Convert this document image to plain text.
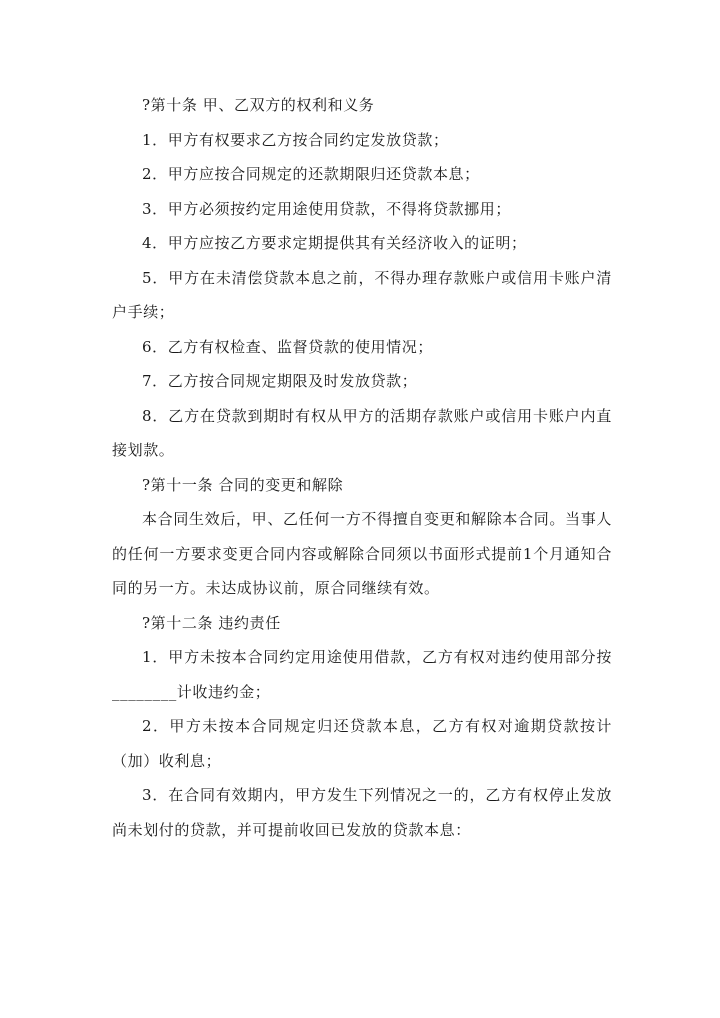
?第十条 甲、乙双方的权利和义务

1．甲方有权要求乙方按合同约定发放贷款；

2．甲方应按合同规定的还款期限归还贷款本息；

3．甲方必须按约定用途使用贷款，不得将贷款挪用；

4．甲方应按乙方要求定期提供其有关经济收入的证明；

5．甲方在未清偿贷款本息之前，不得办理存款账户或信用卡账户清户手续；

6．乙方有权检查、监督贷款的使用情况；

7．乙方按合同规定期限及时发放贷款；

8．乙方在贷款到期时有权从甲方的活期存款账户或信用卡账户内直接划款。

?第十一条 合同的变更和解除

本合同生效后，甲、乙任何一方不得擅自变更和解除本合同。当事人的任何一方要求变更合同内容或解除合同须以书面形式提前1个月通知合同的另一方。未达成协议前，原合同继续有效。

?第十二条 违约责任

1．甲方未按本合同约定用途使用借款，乙方有权对违约使用部分按________计收违约金；

2．甲方未按本合同规定归还贷款本息，乙方有权对逾期贷款按计（加）收利息；

3．在合同有效期内，甲方发生下列情况之一的，乙方有权停止发放尚未划付的贷款，并可提前收回已发放的贷款本息：
